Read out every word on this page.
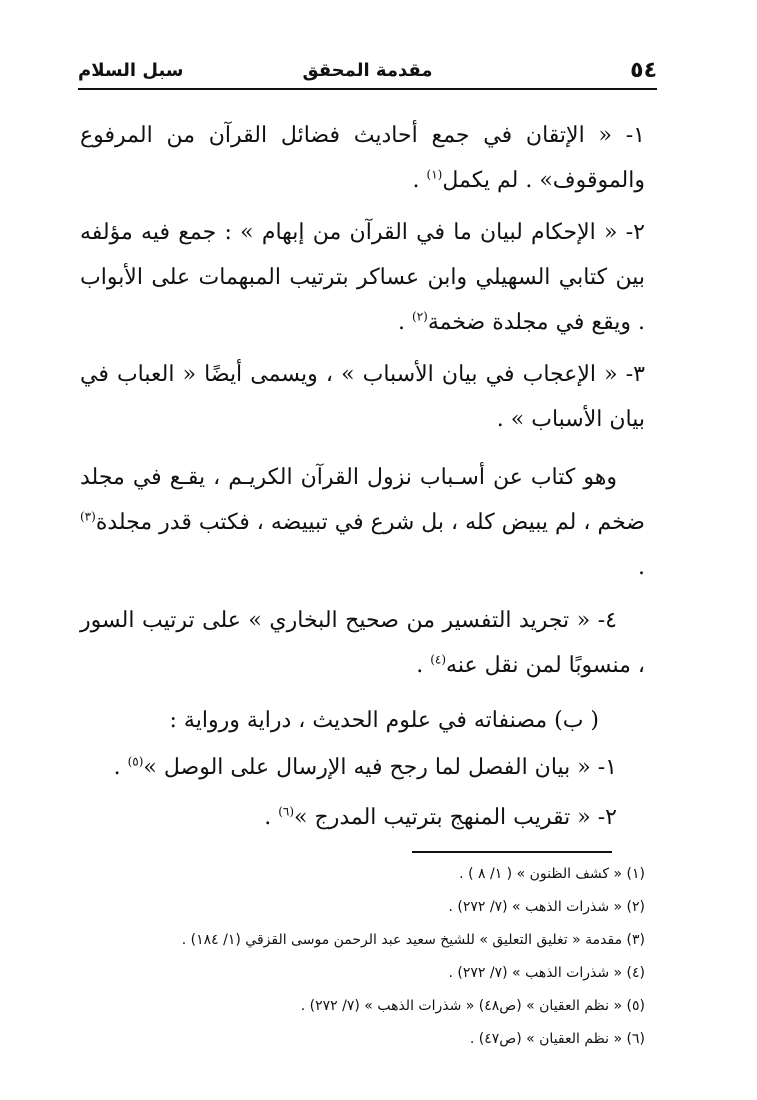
٥٤
مقدمة المحقق
سبل السلام

١- « الإتقان في جمع أحاديث فضائل القرآن من المرفوع والموقوف» . لم يكمل$^{(١)}$ .

٢- « الإحكام لبيان ما في القرآن من إبهام » : جمع فيه مؤلفه بين كتابي السهيلي وابن عساكر بترتيب المبهمات على الأبواب . ويقع في مجلدة ضخمة$^{(٢)}$ .

٣- « الإعجاب في بيان الأسباب » ، ويسمى أيضًا « العباب في بيان الأسباب » .

وهو كتاب عن أسـباب نزول القرآن الكريـم ، يقـع في مجلد ضخم ، لم يبيض كله ، بل شرع في تبييضه ، فكتب قدر مجلدة$^{(٣)}$ .

٤- « تجريد التفسير من صحيح البخاري » على ترتيب السور ، منسوبًا لمن نقل عنه$^{(٤)}$ .

( ب) مصنفاته في علوم الحديث ، دراية ورواية :

١- « بيان الفصل لما رجح فيه الإرسال على الوصل »$^{(٥)}$ .

٢- « تقريب المنهج بترتيب المدرج »$^{(٦)}$ .

(١) « كشف الظنون » ( ١/ ٨ ) .

(٢) « شذرات الذهب » (٧/ ٢٧٢) .

(٣) مقدمة « تغليق التعليق » للشيخ سعيد عبد الرحمن موسى القزقي (١/ ١٨٤) .

(٤) « شذرات الذهب » (٧/ ٢٧٢) .

(٥) « نظم العقيان » (ص٤٨) « شذرات الذهب » (٧/ ٢٧٢) .

(٦) « نظم العقيان » (ص٤٧) .
